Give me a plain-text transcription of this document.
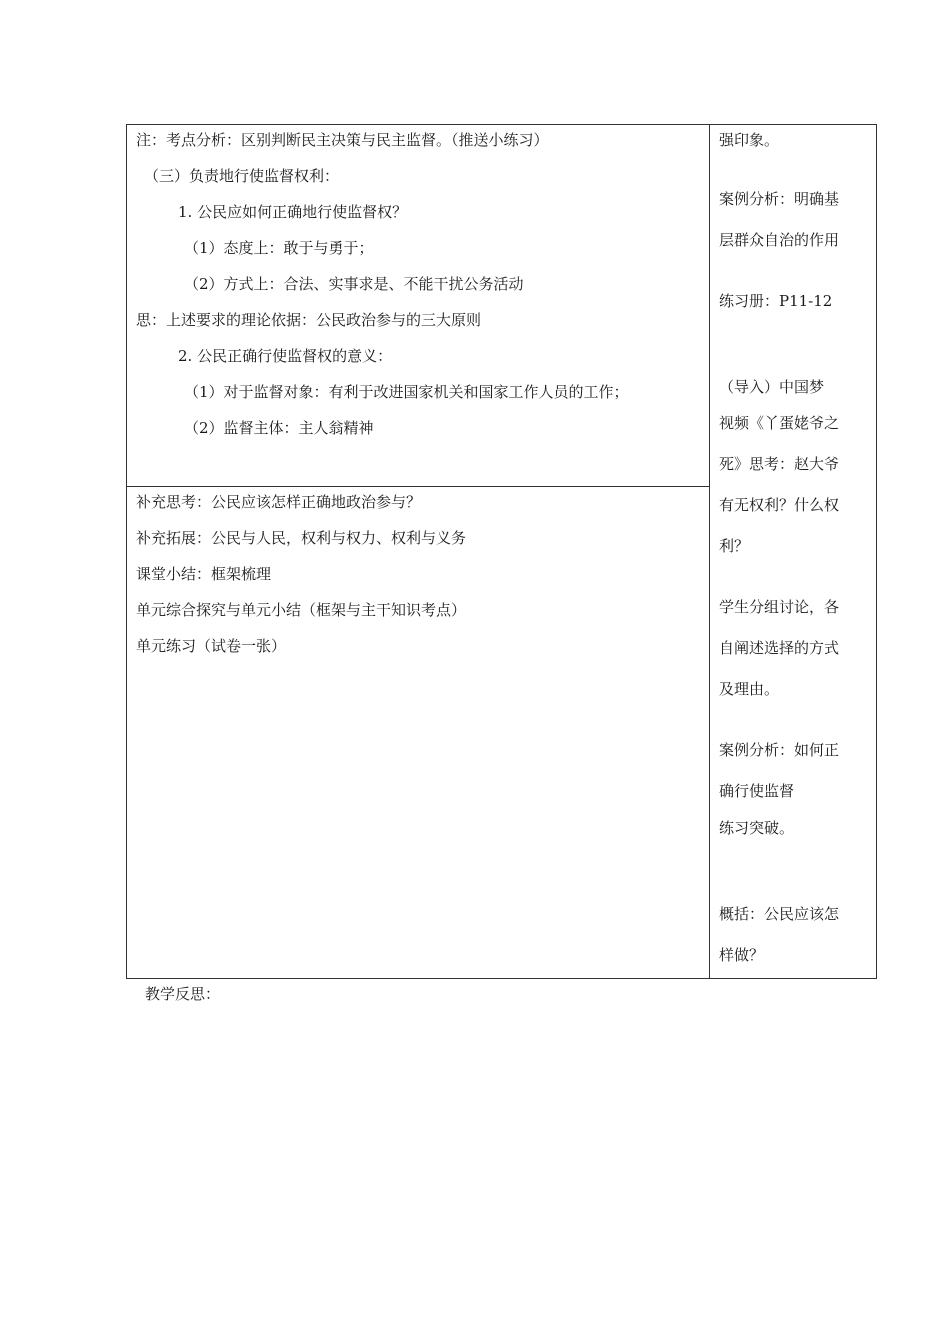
注：考点分析：区别判断民主决策与民主监督。（推送小练习）
（三）负责地行使监督权利：
1. 公民应如何正确地行使监督权？
（1）态度上：敢于与勇于；
（2）方式上：合法、实事求是、不能干扰公务活动
思：上述要求的理论依据：公民政治参与的三大原则
2. 公民正确行使监督权的意义：
（1）对于监督对象：有利于改进国家机关和国家工作人员的工作；
（2）监督主体：主人翁精神
补充思考：公民应该怎样正确地政治参与？
补充拓展：公民与人民，权利与权力、权利与义务
课堂小结：框架梳理
单元综合探究与单元小结（框架与主干知识考点）
单元练习（试卷一张）
强印象。
案例分析：明确基
层群众自治的作用
练习册：P11-12
（导入）中国梦
视频《丫蛋姥爷之
死》思考：赵大爷
有无权利？什么权
利？
学生分组讨论，各
自阐述选择的方式
及理由。
案例分析：如何正
确行使监督
练习突破。
概括：公民应该怎
样做？
教学反思：
